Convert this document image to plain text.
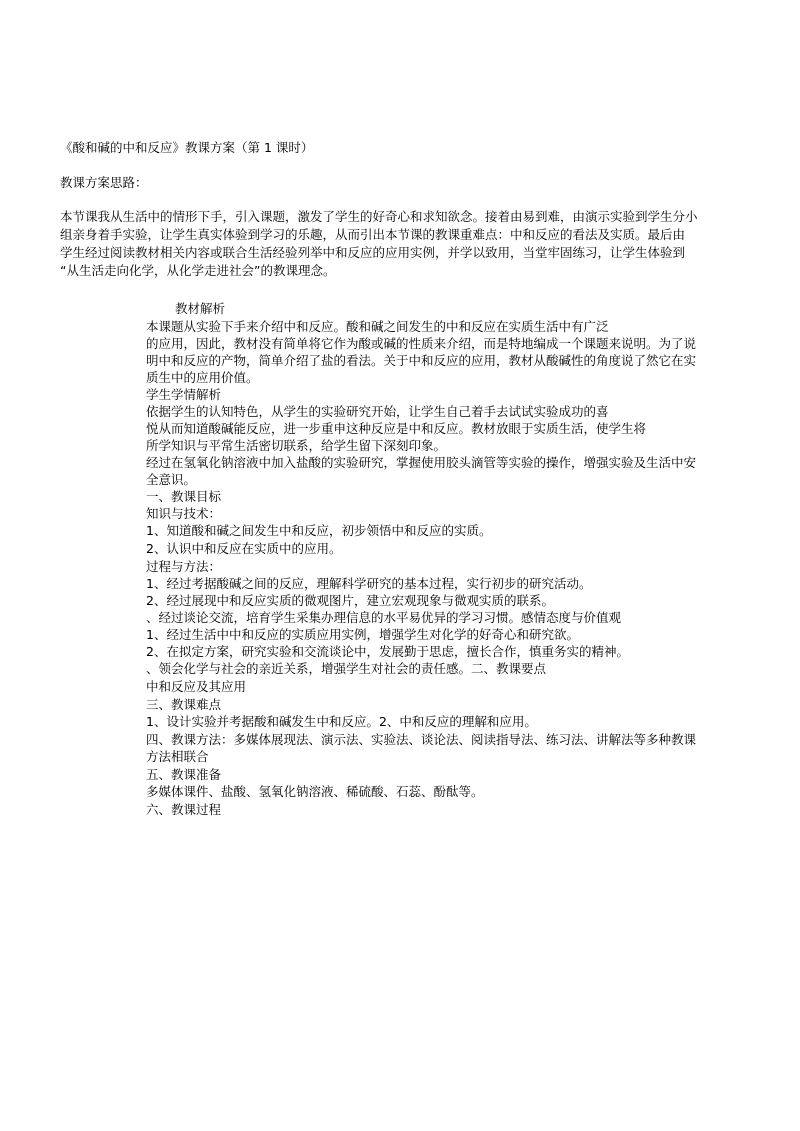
《酸和碱的中和反应》教课方案（第 1 课时）
教课方案思路：
本节课我从生活中的情形下手，引入课题，激发了学生的好奇心和求知欲念。接着由易到难，由演示实验到学生分小
组亲身着手实验，让学生真实体验到学习的乐趣，从而引出本节课的教课重难点：中和反应的看法及实质。最后由
学生经过阅读教材相关内容或联合生活经验列举中和反应的应用实例，并学以致用，当堂牢固练习，让学生体验到
“从生活走向化学，从化学走进社会”的教课理念。
教材解析
本课题从实验下手来介绍中和反应。酸和碱之间发生的中和反应在实质生活中有广泛
的应用，因此，教材没有简单将它作为酸或碱的性质来介绍，而是特地编成一个课题来说明。为了说
明中和反应的产物，简单介绍了盐的看法。关于中和反应的应用，教材从酸碱性的角度说了然它在实
质生中的应用价值。
学生学情解析
依据学生的认知特色，从学生的实验研究开始，让学生自己着手去试试实验成功的喜
悦从而知道酸碱能反应，进一步重申这种反应是中和反应。教材放眼于实质生活，使学生将
所学知识与平常生活密切联系，给学生留下深刻印象。
经过在氢氧化钠溶液中加入盐酸的实验研究，掌握使用胶头滴管等实验的操作，增强实验及生活中安
全意识。
一、教课目标
知识与技术：
1、知道酸和碱之间发生中和反应，初步领悟中和反应的实质。
2、认识中和反应在实质中的应用。
过程与方法：
1、经过考据酸碱之间的反应，理解科学研究的基本过程，实行初步的研究活动。
2、经过展现中和反应实质的微观图片，建立宏观现象与微观实质的联系。
、经过谈论交流，培育学生采集办理信息的水平易优异的学习习惯。感情态度与价值观
1、经过生活中中和反应的实质应用实例，增强学生对化学的好奇心和研究欲。
2、在拟定方案，研究实验和交流谈论中，发展勤于思虑，擅长合作，慎重务实的精神。
、领会化学与社会的亲近关系，增强学生对社会的责任感。二、教课要点
中和反应及其应用
三、教课难点
1、设计实验并考据酸和碱发生中和反应。2、中和反应的理解和应用。
四、教课方法：多媒体展现法、演示法、实验法、谈论法、阅读指导法、练习法、讲解法等多种教课
方法相联合
五、教课准备
多媒体课件、盐酸、氢氧化钠溶液、稀硫酸、石蕊、酚酞等。
六、教课过程
